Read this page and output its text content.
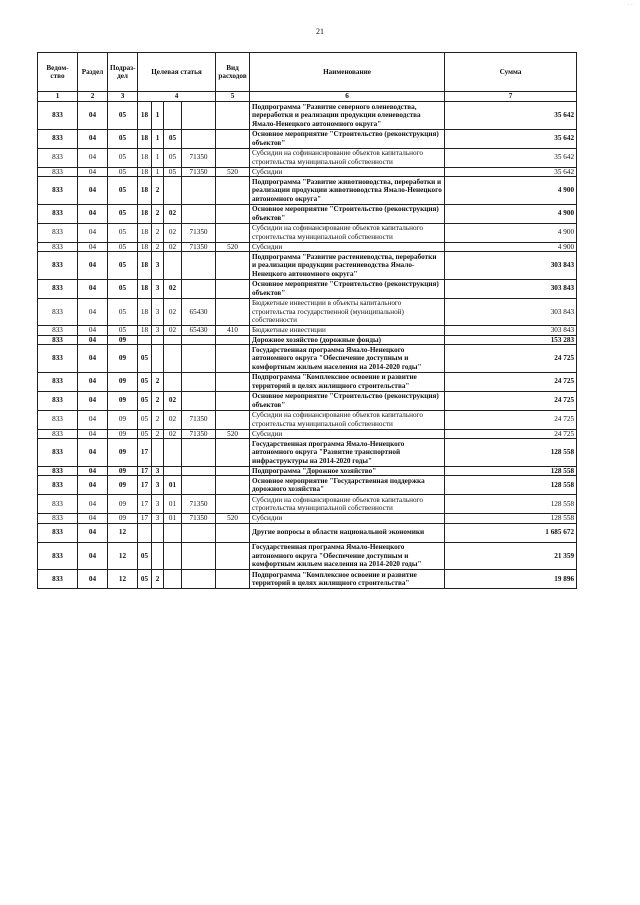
· ··
21
Ведом-ство	Раздел	Подраз-дел	Целевая статья				Вид расходов	Наименование	Сумма
1	2	3	4				5	6	7
833	04	05	18	1				Подпрограмма "Развитие северного оленеводства, переработки и реализации продукции оленеводства Ямало-Ненецкого автономного округа"	35 642
833	04	05	18	1	05			Основное мероприятие "Строительство (реконструкция) объектов"	35 642
833	04	05	18	1	05	71350		Субсидии на софинансирование объектов капитального строительства муниципальной собственности	35 642
833	04	05	18	1	05	71350	520	Субсидии	35 642
833	04	05	18	2				Подпрограмма "Развитие животноводства, переработки и реализации продукции животноводства Ямало-Ненецкого автономного округа"	4 900
833	04	05	18	2	02			Основное мероприятие "Строительство (реконструкция) объектов"	4 900
833	04	05	18	2	02	71350		Субсидии на софинансирование объектов капитального строительства муниципальной собственности	4 900
833	04	05	18	2	02	71350	520	Субсидии	4 900
833	04	05	18	3				Подпрограмма "Развитие растениеводства, переработки и реализации продукции растениеводства Ямало-Ненецкого автономного округа"	303 843
833	04	05	18	3	02			Основное мероприятие "Строительство (реконструкция) объектов"	303 843
833	04	05	18	3	02	65430		Бюджетные инвестиции в объекты капитального строительства государственной (муниципальной) собственности	303 843
833	04	05	18	3	02	65430	410	Бюджетные инвестиции	303 843
833	04	09						Дорожное хозяйство (дорожные фонды)	153 283
833	04	09	05					Государственная программа Ямало-Ненецкого автономного округа "Обеспечение доступным и комфортным жильем населения на 2014-2020 годы"	24 725
833	04	09	05	2				Подпрограмма "Комплексное освоение и развитие территорий в целях жилищного строительства"	24 725
833	04	09	05	2	02			Основное мероприятие "Строительство (реконструкция) объектов"	24 725
833	04	09	05	2	02	71350		Субсидии на софинансирование объектов капитального строительства муниципальной собственности	24 725
833	04	09	05	2	02	71350	520	Субсидии	24 725
833	04	09	17					Государственная программа Ямало-Ненецкого автономного округа "Развитие транспортной инфраструктуры на 2014-2020 годы"	128 558
833	04	09	17	3				Подпрограмма "Дорожное хозяйство"	128 558
833	04	09	17	3	01			Основное мероприятие "Государственная поддержка дорожного хозяйства"	128 558
833	04	09	17	3	01	71350		Субсидии на софинансирование объектов капитального строительства муниципальной собственности	128 558
833	04	09	17	3	01	71350	520	Субсидии	128 558
833	04	12						Другие вопросы в области национальной экономики	1 685 672
833	04	12	05					Государственная программа Ямало-Ненецкого автономного округа "Обеспечение доступным и комфортным жильем населения на 2014-2020 годы"	21 359
833	04	12	05	2				Подпрограмма "Комплексное освоение и развитие территорий в целях жилищного строительства"	19 896
